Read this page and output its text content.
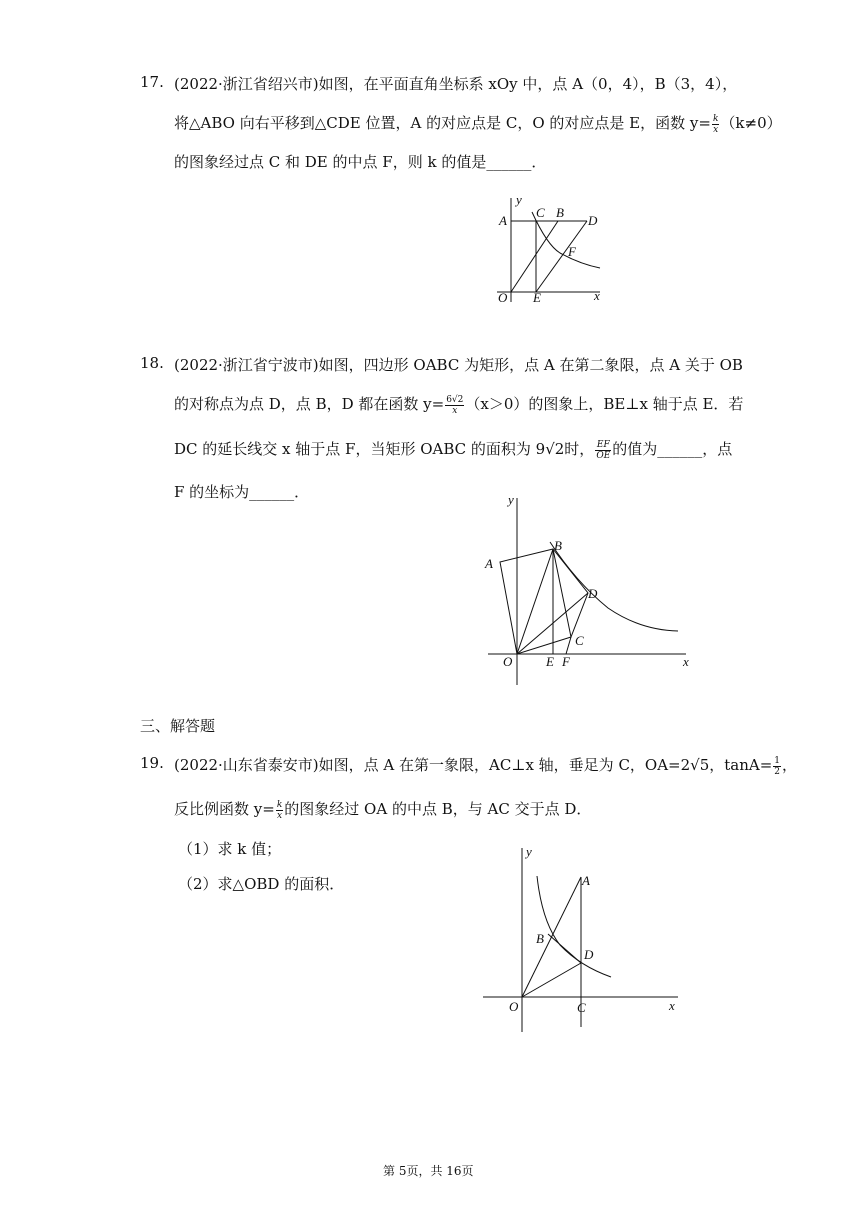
17. (2022·浙江省绍兴市)如图，在平面直角坐标系 xOy 中，点 A（0，4），B（3，4），
将△ABO 向右平移到△CDE 位置，A 的对应点是 C，O 的对应点是 E，函数 $y= \frac{k}{x} (k\ne 0)$
的图象经过点 C 和 DE 的中点 F，则 k 的值是______．
y
A
C B
D
F
O E	x
18. (2022·浙江省宁波市)如图，四边形 OABC 为矩形，点 A 在第二象限，点 A 关于 OB
的对称点为点 D，点 B，D 都在函数 $y= \frac{6√2}{x} (x>0)$的图象上，BE⊥x 轴于点 E．若
DC 的延长线交 x 轴于点 F，当矩形 OABC 的面积为 9√2时， $\frac{EF}{OE}$ 的值为______，点
F 的坐标为______．	y
A
B
D
C
O	E F	x
三、解答题
19. (2022·山东省泰安市)如图，点 A 在第一象限，AC⊥x 轴，垂足为 C，OA=2√5，$\tan A= \frac{1}{2}$ ，
反比例函数 $y= \frac{k}{x}$ 的图象经过 OA 的中点 B，与 AC 交于点 D．
（1）求 k 值；
（2）求△OBD 的面积．
y
A
B
D
O	C	x
第 5页，共 16页
